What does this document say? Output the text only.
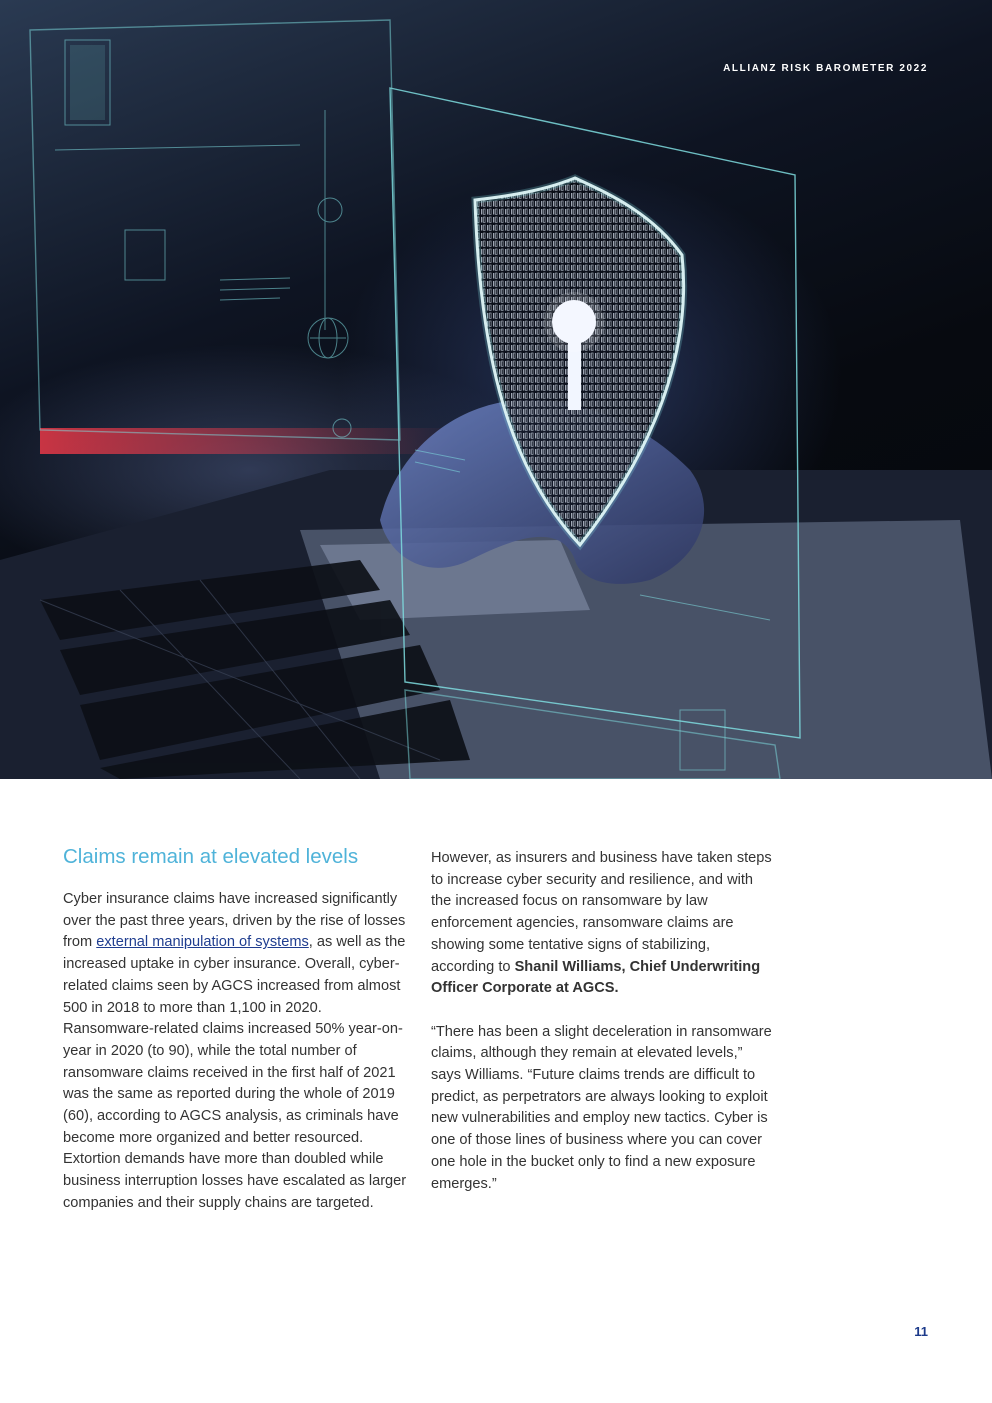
ALLIANZ RISK BAROMETER 2022
Claims remain at elevated levels

Cyber insurance claims have increased significantly over the past three years, driven by the rise of losses from external manipulation of systems, as well as the increased uptake in cyber insurance. Overall, cyber-related claims seen by AGCS increased from almost 500 in 2018 to more than 1,100 in 2020. Ransomware-related claims increased 50% year-on-year in 2020 (to 90), while the total number of ransomware claims received in the first half of 2021 was the same as reported during the whole of 2019 (60), according to AGCS analysis, as criminals have become more organized and better resourced. Extortion demands have more than doubled while business interruption losses have escalated as larger companies and their supply chains are targeted.

However, as insurers and business have taken steps to increase cyber security and resilience, and with the increased focus on ransomware by law enforcement agencies, ransomware claims are showing some tentative signs of stabilizing, according to Shanil Williams, Chief Underwriting Officer Corporate at AGCS.

“There has been a slight deceleration in ransomware claims, although they remain at elevated levels,” says Williams. “Future claims trends are difficult to predict, as perpetrators are always looking to exploit new vulnerabilities and employ new tactics. Cyber is one of those lines of business where you can cover one hole in the bucket only to find a new exposure emerges.”

11
